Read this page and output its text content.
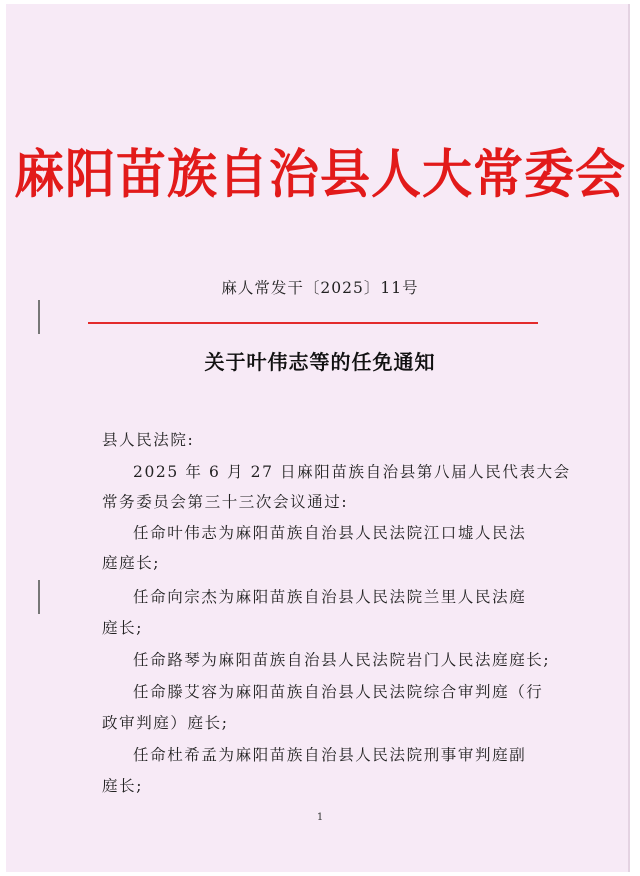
麻阳苗族自治县人大常委会
麻人常发干〔2025〕11号
关于叶伟志等的任免通知
县人民法院:
2025 年 6 月 27 日麻阳苗族自治县第八届人民代表大会
常务委员会第三十三次会议通过:
任命叶伟志为麻阳苗族自治县人民法院江口墟人民法
庭庭长;
任命向宗杰为麻阳苗族自治县人民法院兰里人民法庭
庭长;
任命路琴为麻阳苗族自治县人民法院岩门人民法庭庭长;
任命滕艾容为麻阳苗族自治县人民法院综合审判庭（行
政审判庭）庭长;
任命杜希孟为麻阳苗族自治县人民法院刑事审判庭副
庭长;
1
